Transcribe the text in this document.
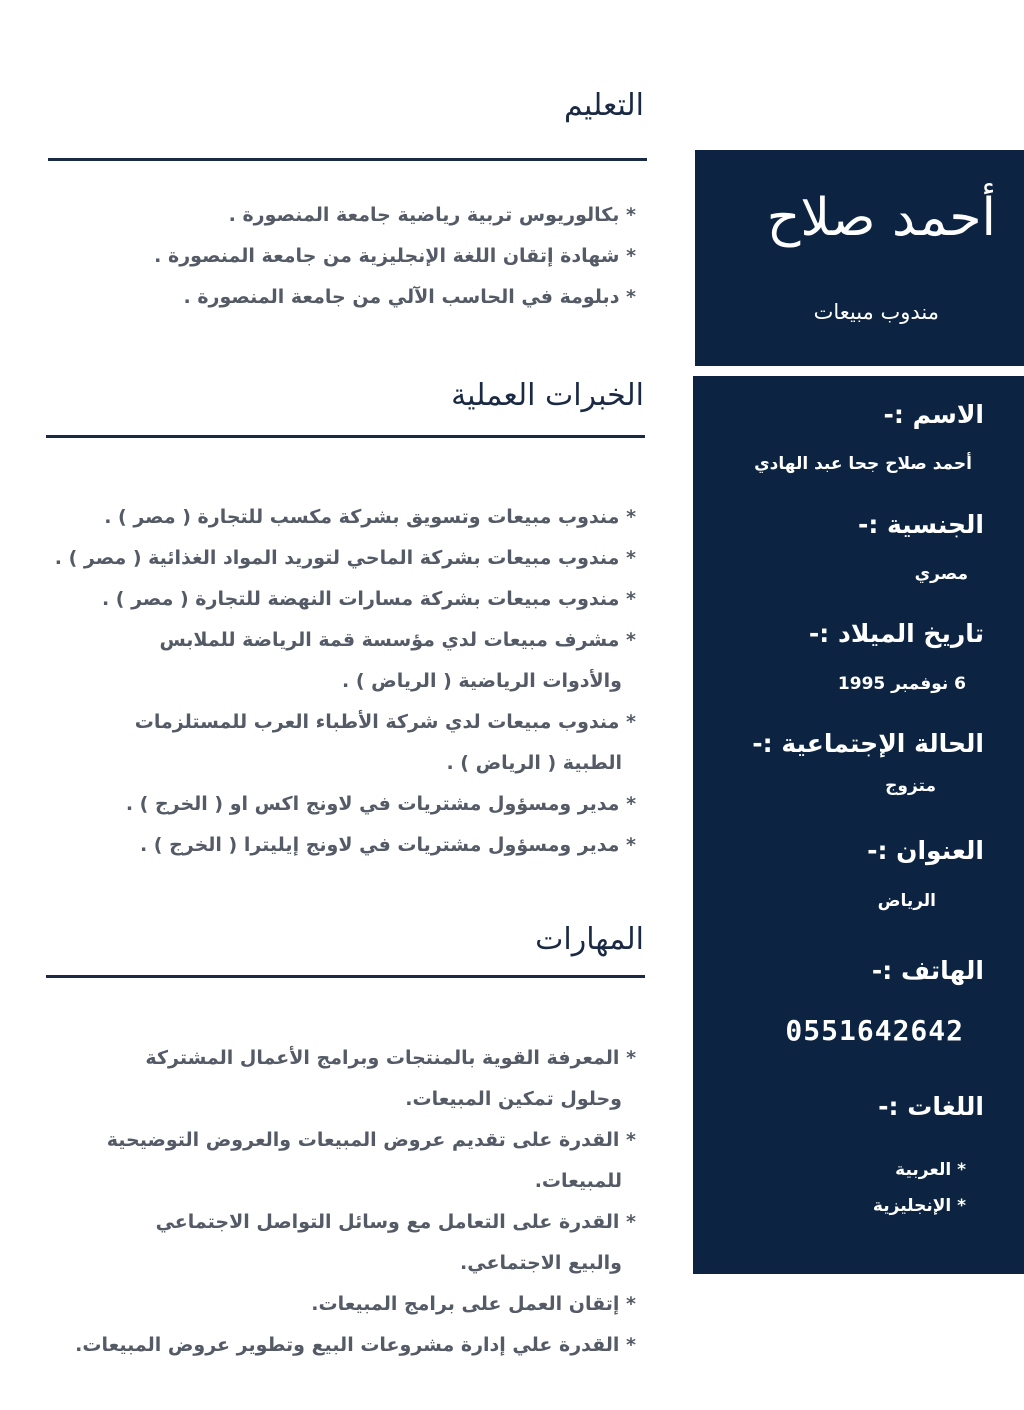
التعليم
* بكالوريوس تربية رياضية جامعة المنصورة .
* شهادة إتقان اللغة الإنجليزية من جامعة المنصورة .
* دبلومة في الحاسب الآلي من جامعة المنصورة .
الخبرات العملية
* مندوب مبيعات وتسويق بشركة مكسب للتجارة ( مصر ) .
* مندوب مبيعات بشركة الماحي لتوريد المواد الغذائية ( مصر ) .
* مندوب مبيعات بشركة مسارات النهضة للتجارة ( مصر ) .
* مشرف مبيعات لدي مؤسسة قمة الرياضة للملابس
والأدوات الرياضية ( الرياض ) .
* مندوب مبيعات لدي شركة الأطباء العرب للمستلزمات
الطبية ( الرياض ) .
* مدير ومسؤول مشتريات في لاونج اكس او ( الخرج ) .
* مدير ومسؤول مشتريات في لاونج إيليترا ( الخرج ) .
المهارات
* المعرفة القوية بالمنتجات وبرامج الأعمال المشتركة
وحلول تمكين المبيعات.
* القدرة على تقديم عروض المبيعات والعروض التوضيحية
للمبيعات.
* القدرة على التعامل مع وسائل التواصل الاجتماعي
والبيع الاجتماعي.
* إتقان العمل على برامج المبيعات.
* القدرة علي إدارة مشروعات البيع وتطوير عروض المبيعات.
أحمد صلاح
مندوب مبيعات
الاسم :-
أحمد صلاح جحا عبد الهادي
الجنسية :-
مصري
تاريخ الميلاد :-
6 نوفمبر 1995
الحالة الإجتماعية :-
متزوج
العنوان :-
الرياض
الهاتف :-
0551642642
اللغات :-
* العربية
* الإنجليزية
